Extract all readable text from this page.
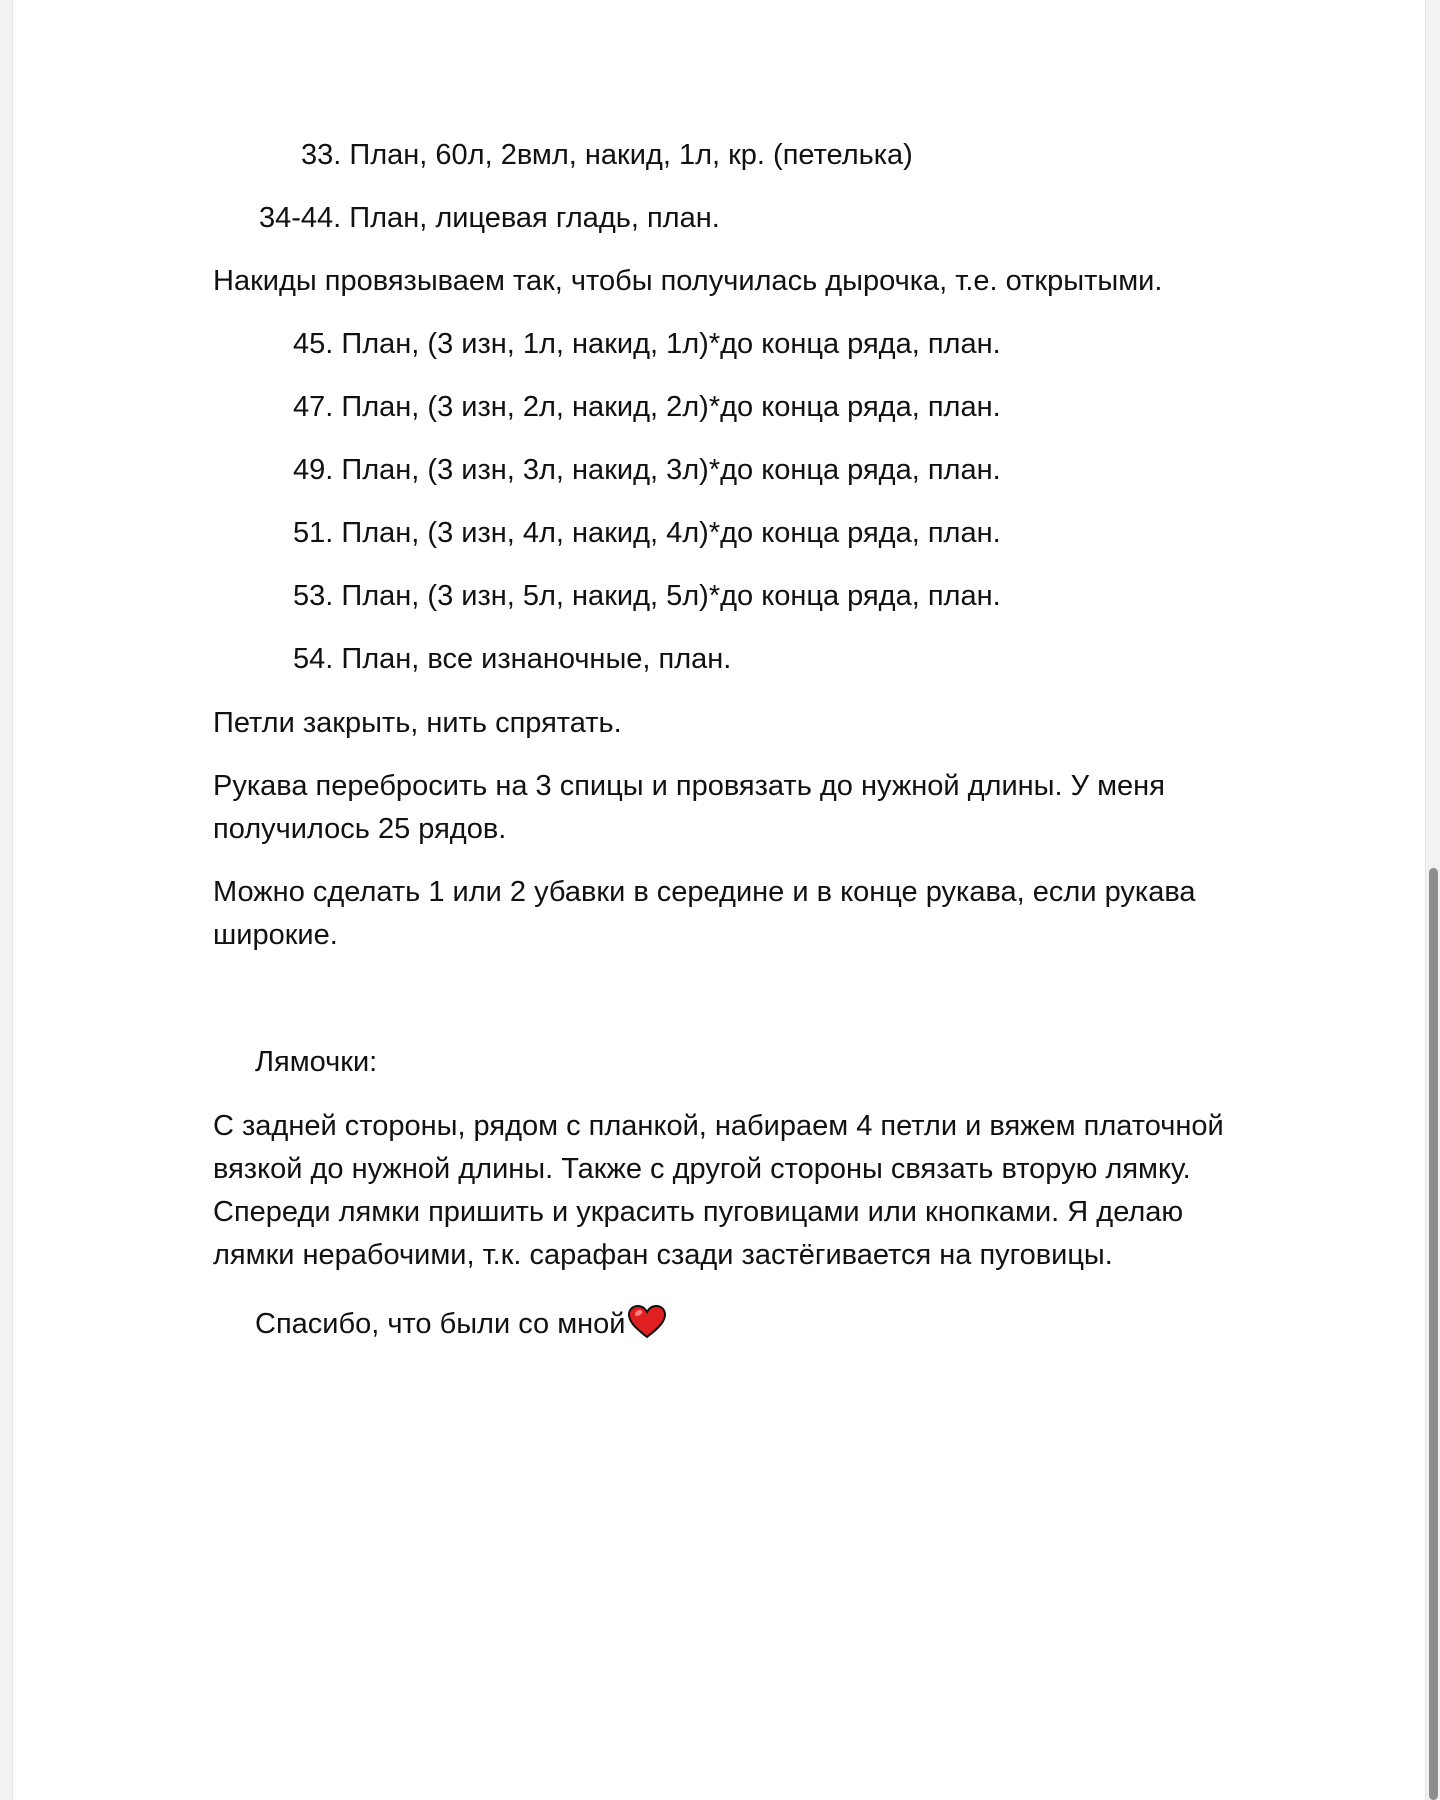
33. План, 60л, 2вмл, накид, 1л, кр. (петелька)

34-44. План, лицевая гладь, план.

Накиды провязываем так, чтобы получилась дырочка, т.е. открытыми.

45. План, (3 изн, 1л, накид, 1л)*до конца ряда, план.

47. План, (3 изн, 2л, накид, 2л)*до конца ряда, план.

49. План, (3 изн, 3л, накид, 3л)*до конца ряда, план.

51. План, (3 изн, 4л, накид, 4л)*до конца ряда, план.

53. План, (3 изн, 5л, накид, 5л)*до конца ряда, план.

54. План, все изнаночные, план.

Петли закрыть, нить спрятать.

Рукава перебросить на 3 спицы и провязать до нужной длины. У меня

получилось 25 рядов.

Можно сделать 1 или 2 убавки в середине и в конце рукава, если рукава

широкие.

Лямочки:

С задней стороны, рядом с планкой, набираем 4 петли и вяжем платочной

вязкой до нужной длины. Также с другой стороны связать вторую лямку.

Спереди лямки пришить и украсить пуговицами или кнопками. Я делаю

лямки нерабочими, т.к. сарафан сзади застёгивается на пуговицы.

Спасибо, что были со мной
